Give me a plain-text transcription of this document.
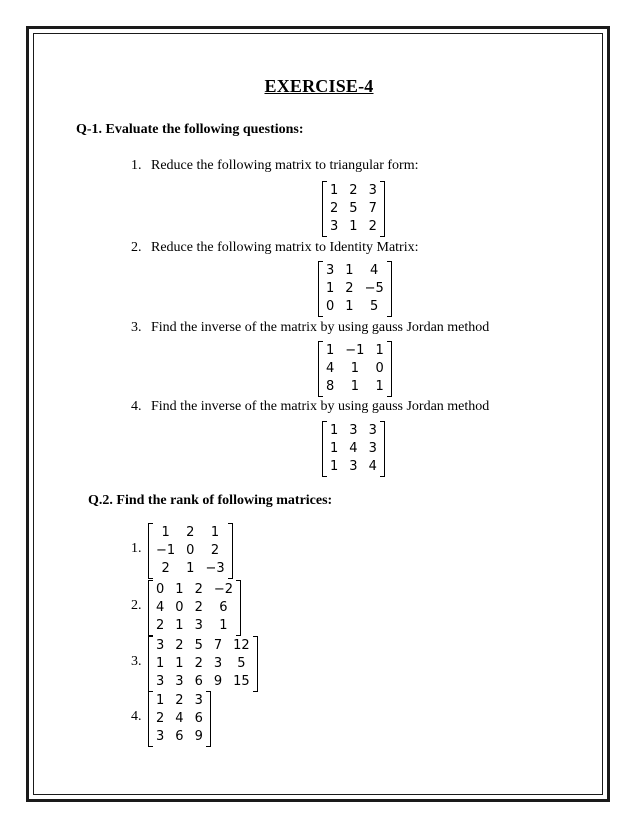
EXERCISE-4
Q-1. Evaluate the following questions:
1. Reduce the following matrix to triangular form:
1 2 3
2 5 7
3 1 2
2. Reduce the following matrix to Identity Matrix:
3 1	4
1 2 −5
0 1	5
3. Find the inverse of the matrix by using gauss Jordan method
1 −1 1
4	1	0
8	1	1
4. Find the inverse of the matrix by using gauss Jordan method
1 3 3
1 4 3
1 3 4
Q.2. Find the rank of following matrices:
1.
1	2	1
−1 0	2
2	1 −3
2.
0 1 2 −2
4 0 2	6
2 1 3	1
3.
3 2 5 7 12
1 1 2 3	5
3 3 6 9 15
4.
1 2 3
2 4 6
3 6 9
